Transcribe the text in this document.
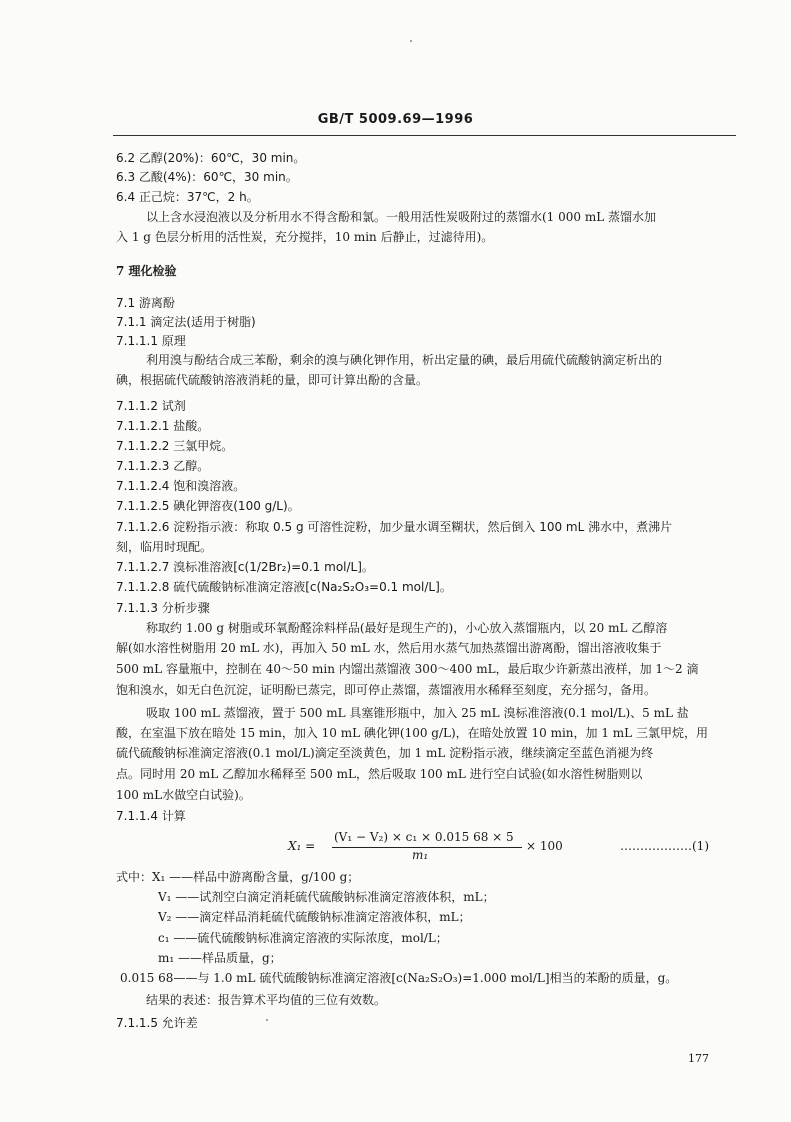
GB/T 5009.69—1996
6.2 乙醇(20%)：60℃，30 min。
6.3 乙酸(4%)：60℃，30 min。
6.4 正己烷：37℃，2 h。
以上含水浸泡液以及分析用水不得含酚和氯。一般用活性炭吸附过的蒸馏水(1 000 mL 蒸馏水加
入 1 g 色层分析用的活性炭，充分搅拌，10 min 后静止，过滤待用)。
7 理化检验
7.1 游离酚
7.1.1 滴定法(适用于树脂)
7.1.1.1 原理
利用溴与酚结合成三苯酚，剩余的溴与碘化钾作用，析出定量的碘，最后用硫代硫酸钠滴定析出的
碘，根据硫代硫酸钠溶液消耗的量，即可计算出酚的含量。
7.1.1.2 试剂
7.1.1.2.1 盐酸。
7.1.1.2.2 三氯甲烷。
7.1.1.2.3 乙醇。
7.1.1.2.4 饱和溴溶液。
7.1.1.2.5 碘化钾溶夜(100 g/L)。
7.1.1.2.6 淀粉指示液：称取 0.5 g 可溶性淀粉，加少量水调至糊状，然后倒入 100 mL 沸水中，煮沸片
刻，临用时现配。
7.1.1.2.7 溴标准溶液[c(1/2Br₂)=0.1 mol/L]。
7.1.1.2.8 硫代硫酸钠标准滴定溶液[c(Na₂S₂O₃=0.1 mol/L]。
7.1.1.3 分析步骤
称取约 1.00 g 树脂或环氧酚醛涂料样品(最好是现生产的)，小心放入蒸馏瓶内，以 20 mL 乙醇溶
解(如水溶性树脂用 20 mL 水)，再加入 50 mL 水，然后用水蒸气加热蒸馏出游离酚，馏出溶液收集于
500 mL 容量瓶中，控制在 40～50 min 内馏出蒸馏液 300～400 mL，最后取少许新蒸出液样，加 1～2 滴
饱和溴水，如无白色沉淀，证明酚已蒸完，即可停止蒸馏，蒸馏液用水稀释至刻度，充分摇匀，备用。
吸取 100 mL 蒸馏液，置于 500 mL 具塞锥形瓶中，加入 25 mL 溴标准溶液(0.1 mol/L)、5 mL 盐
酸，在室温下放在暗处 15 min，加入 10 mL 碘化钾(100 g/L)，在暗处放置 10 min，加 1 mL 三氯甲烷，用
硫代硫酸钠标准滴定溶液(0.1 mol/L)滴定至淡黄色，加 1 mL 淀粉指示液，继续滴定至蓝色消褪为终
点。同时用 20 mL 乙醇加水稀释至 500 mL，然后吸取 100 mL 进行空白试验(如水溶性树脂则以
100 mL水做空白试验)。
7.1.1.4 计算
X₁ =
(V₁ − V₂) × c₁ × 0.015 68 × 5
m₁
× 100	………………(1)
式中：X₁ ——样品中游离酚含量，g/100 g；
V₁ ——试剂空白滴定消耗硫代硫酸钠标准滴定溶液体积，mL；
V₂ ——滴定样品消耗硫代硫酸钠标准滴定溶液体积，mL；
c₁ ——硫代硫酸钠标准滴定溶液的实际浓度，mol/L；
m₁ ——样品质量，g；
0.015 68——与 1.0 mL 硫代硫酸钠标准滴定溶液[c(Na₂S₂O₃)=1.000 mol/L]相当的苯酚的质量，g。
结果的表述：报告算术平均值的三位有效数。
7.1.1.5 允许差
177
